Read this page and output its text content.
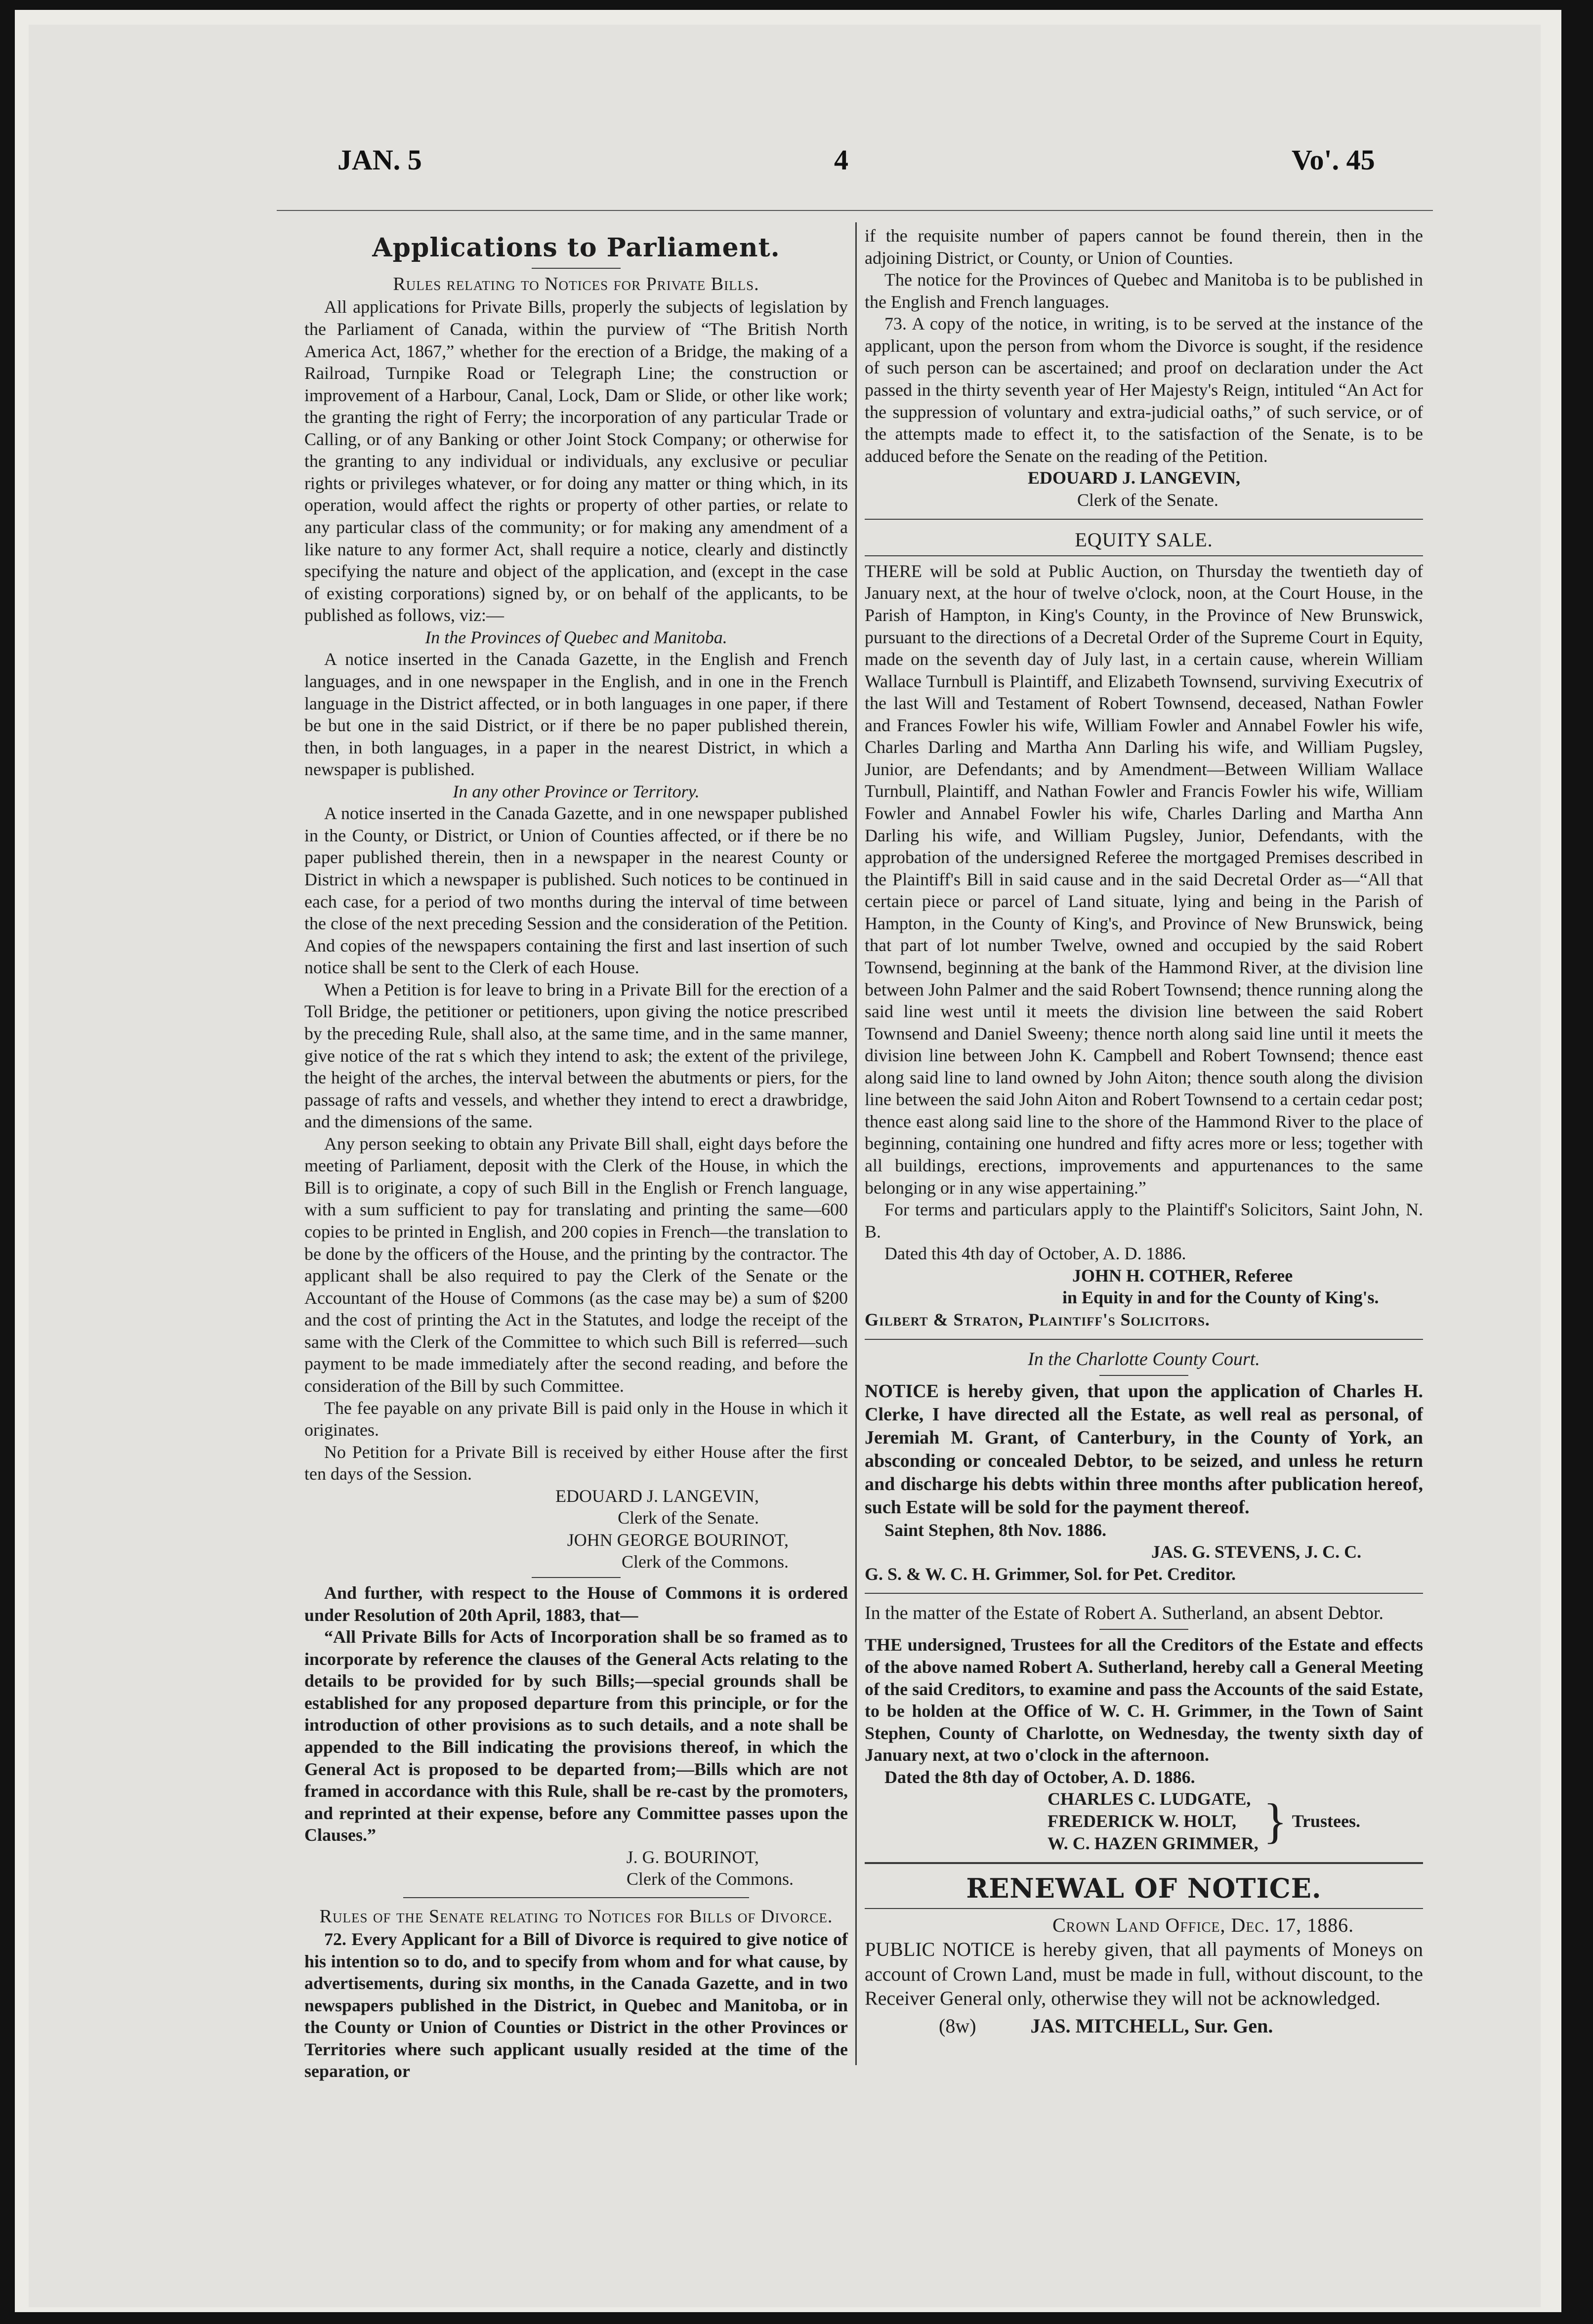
JAN. 5	4	Vo'. 45

Applications to Parliament.

Rules relating to Notices for Private Bills.

All applications for Private Bills, properly the subjects of legislation by the Parliament of Canada, within the purview of “The British North America Act, 1867,” whether for the erection of a Bridge, the making of a Railroad, Turnpike Road or Telegraph Line; the construction or improvement of a Harbour, Canal, Lock, Dam or Slide, or other like work; the granting the right of Ferry; the incorporation of any particular Trade or Calling, or of any Banking or other Joint Stock Company; or otherwise for the granting to any individual or individuals, any exclusive or peculiar rights or privileges whatever, or for doing any matter or thing which, in its operation, would affect the rights or property of other parties, or relate to any particular class of the community; or for making any amendment of a like nature to any former Act, shall require a notice, clearly and distinctly specifying the nature and object of the application, and (except in the case of existing corporations) signed by, or on behalf of the applicants, to be published as follows, viz:—

In the Provinces of Quebec and Manitoba.

A notice inserted in the Canada Gazette, in the English and French languages, and in one newspaper in the English, and in one in the French language in the District affected, or in both languages in one paper, if there be but one in the said District, or if there be no paper published therein, then, in both languages, in a paper in the nearest District, in which a newspaper is published.

In any other Province or Territory.

A notice inserted in the Canada Gazette, and in one newspaper published in the County, or District, or Union of Counties affected, or if there be no paper published therein, then in a newspaper in the nearest County or District in which a newspaper is published. Such notices to be continued in each case, for a period of two months during the interval of time between the close of the next preceding Session and the consideration of the Petition. And copies of the newspapers containing the first and last insertion of such notice shall be sent to the Clerk of each House.

When a Petition is for leave to bring in a Private Bill for the erection of a Toll Bridge, the petitioner or petitioners, upon giving the notice prescribed by the preceding Rule, shall also, at the same time, and in the same manner, give notice of the rat s which they intend to ask; the extent of the privilege, the height of the arches, the interval between the abutments or piers, for the passage of rafts and vessels, and whether they intend to erect a drawbridge, and the dimensions of the same.

Any person seeking to obtain any Private Bill shall, eight days before the meeting of Parliament, deposit with the Clerk of the House, in which the Bill is to originate, a copy of such Bill in the English or French language, with a sum sufficient to pay for translating and printing the same—600 copies to be printed in English, and 200 copies in French—the translation to be done by the officers of the House, and the printing by the contractor. The applicant shall be also required to pay the Clerk of the Senate or the Accountant of the House of Commons (as the case may be) a sum of $200 and the cost of printing the Act in the Statutes, and lodge the receipt of the same with the Clerk of the Committee to which such Bill is referred—such payment to be made immediately after the second reading, and before the consideration of the Bill by such Committee.

The fee payable on any private Bill is paid only in the House in which it originates.

No Petition for a Private Bill is received by either House after the first ten days of the Session.

EDOUARD J. LANGEVIN,

Clerk of the Senate.

JOHN GEORGE BOURINOT,

Clerk of the Commons.

And further, with respect to the House of Commons it is ordered under Resolution of 20th April, 1883, that—

“All Private Bills for Acts of Incorporation shall be so framed as to incorporate by reference the clauses of the General Acts relating to the details to be provided for by such Bills;—special grounds shall be established for any proposed departure from this principle, or for the introduction of other provisions as to such details, and a note shall be appended to the Bill indicating the provisions thereof, in which the General Act is proposed to be departed from;—Bills which are not framed in accordance with this Rule, shall be re-cast by the promoters, and reprinted at their expense, before any Committee passes upon the Clauses.”

J. G. BOURINOT,

Clerk of the Commons.

Rules of the Senate relating to Notices for Bills of Divorce.

72. Every Applicant for a Bill of Divorce is required to give notice of his intention so to do, and to specify from whom and for what cause, by advertisements, during six months, in the Canada Gazette, and in two newspapers published in the District, in Quebec and Manitoba, or in the County or Union of Counties or District in the other Provinces or Territories where such applicant usually resided at the time of the separation, or

if the requisite number of papers cannot be found therein, then in the adjoining District, or County, or Union of Counties.

The notice for the Provinces of Quebec and Manitoba is to be published in the English and French languages.

73. A copy of the notice, in writing, is to be served at the instance of the applicant, upon the person from whom the Divorce is sought, if the residence of such person can be ascertained; and proof on declaration under the Act passed in the thirty seventh year of Her Majesty's Reign, intituled “An Act for the suppression of voluntary and extra-judicial oaths,” of such service, or of the attempts made to effect it, to the satisfaction of the Senate, is to be adduced before the Senate on the reading of the Petition.

EDOUARD J. LANGEVIN,

Clerk of the Senate.

EQUITY SALE.

THERE will be sold at Public Auction, on Thursday the twentieth day of January next, at the hour of twelve o'clock, noon, at the Court House, in the Parish of Hampton, in King's County, in the Province of New Brunswick, pursuant to the directions of a Decretal Order of the Supreme Court in Equity, made on the seventh day of July last, in a certain cause, wherein William Wallace Turnbull is Plaintiff, and Elizabeth Townsend, surviving Executrix of the last Will and Testament of Robert Townsend, deceased, Nathan Fowler and Frances Fowler his wife, William Fowler and Annabel Fowler his wife, Charles Darling and Martha Ann Darling his wife, and William Pugsley, Junior, are Defendants; and by Amendment—Between William Wallace Turnbull, Plaintiff, and Nathan Fowler and Francis Fowler his wife, William Fowler and Annabel Fowler his wife, Charles Darling and Martha Ann Darling his wife, and William Pugsley, Junior, Defendants, with the approbation of the undersigned Referee the mortgaged Premises described in the Plaintiff's Bill in said cause and in the said Decretal Order as—“All that certain piece or parcel of Land situate, lying and being in the Parish of Hampton, in the County of King's, and Province of New Brunswick, being that part of lot number Twelve, owned and occupied by the said Robert Townsend, beginning at the bank of the Hammond River, at the division line between John Palmer and the said Robert Townsend; thence running along the said line west until it meets the division line between the said Robert Townsend and Daniel Sweeny; thence north along said line until it meets the division line between John K. Campbell and Robert Townsend; thence east along said line to land owned by John Aiton; thence south along the division line between the said John Aiton and Robert Townsend to a certain cedar post; thence east along said line to the shore of the Hammond River to the place of beginning, containing one hundred and fifty acres more or less; together with all buildings, erections, improvements and appurtenances to the same belonging or in any wise appertaining.”

For terms and particulars apply to the Plaintiff's Solicitors, Saint John, N. B.

Dated this 4th day of October, A. D. 1886.

JOHN H. COTHER, Referee

in Equity in and for the County of King's.

Gilbert & Straton, Plaintiff's Solicitors.

In the Charlotte County Court.

NOTICE is hereby given, that upon the application of Charles H. Clerke, I have directed all the Estate, as well real as personal, of Jeremiah M. Grant, of Canterbury, in the County of York, an absconding or concealed Debtor, to be seized, and unless he return and discharge his debts within three months after publication hereof, such Estate will be sold for the payment thereof.

Saint Stephen, 8th Nov. 1886.

JAS. G. STEVENS, J. C. C.

G. S. & W. C. H. Grimmer, Sol. for Pet. Creditor.

In the matter of the Estate of Robert A. Sutherland, an absent Debtor.

THE undersigned, Trustees for all the Creditors of the Estate and effects of the above named Robert A. Sutherland, hereby call a General Meeting of the said Creditors, to examine and pass the Accounts of the said Estate, to be holden at the Office of W. C. H. Grimmer, in the Town of Saint Stephen, County of Charlotte, on Wednesday, the twenty sixth day of January next, at two o'clock in the afternoon.

Dated the 8th day of October, A. D. 1886.

CHARLES C. LUDGATE,

FREDERICK W. HOLT,

W. C. HAZEN GRIMMER, } Trustees.

RENEWAL OF NOTICE.

Crown Land Office, Dec. 17, 1886.

PUBLIC NOTICE is hereby given, that all payments of Moneys on account of Crown Land, must be made in full, without discount, to the Receiver General only, otherwise they will not be acknowledged.

(8w)	JAS. MITCHELL, Sur. Gen.
